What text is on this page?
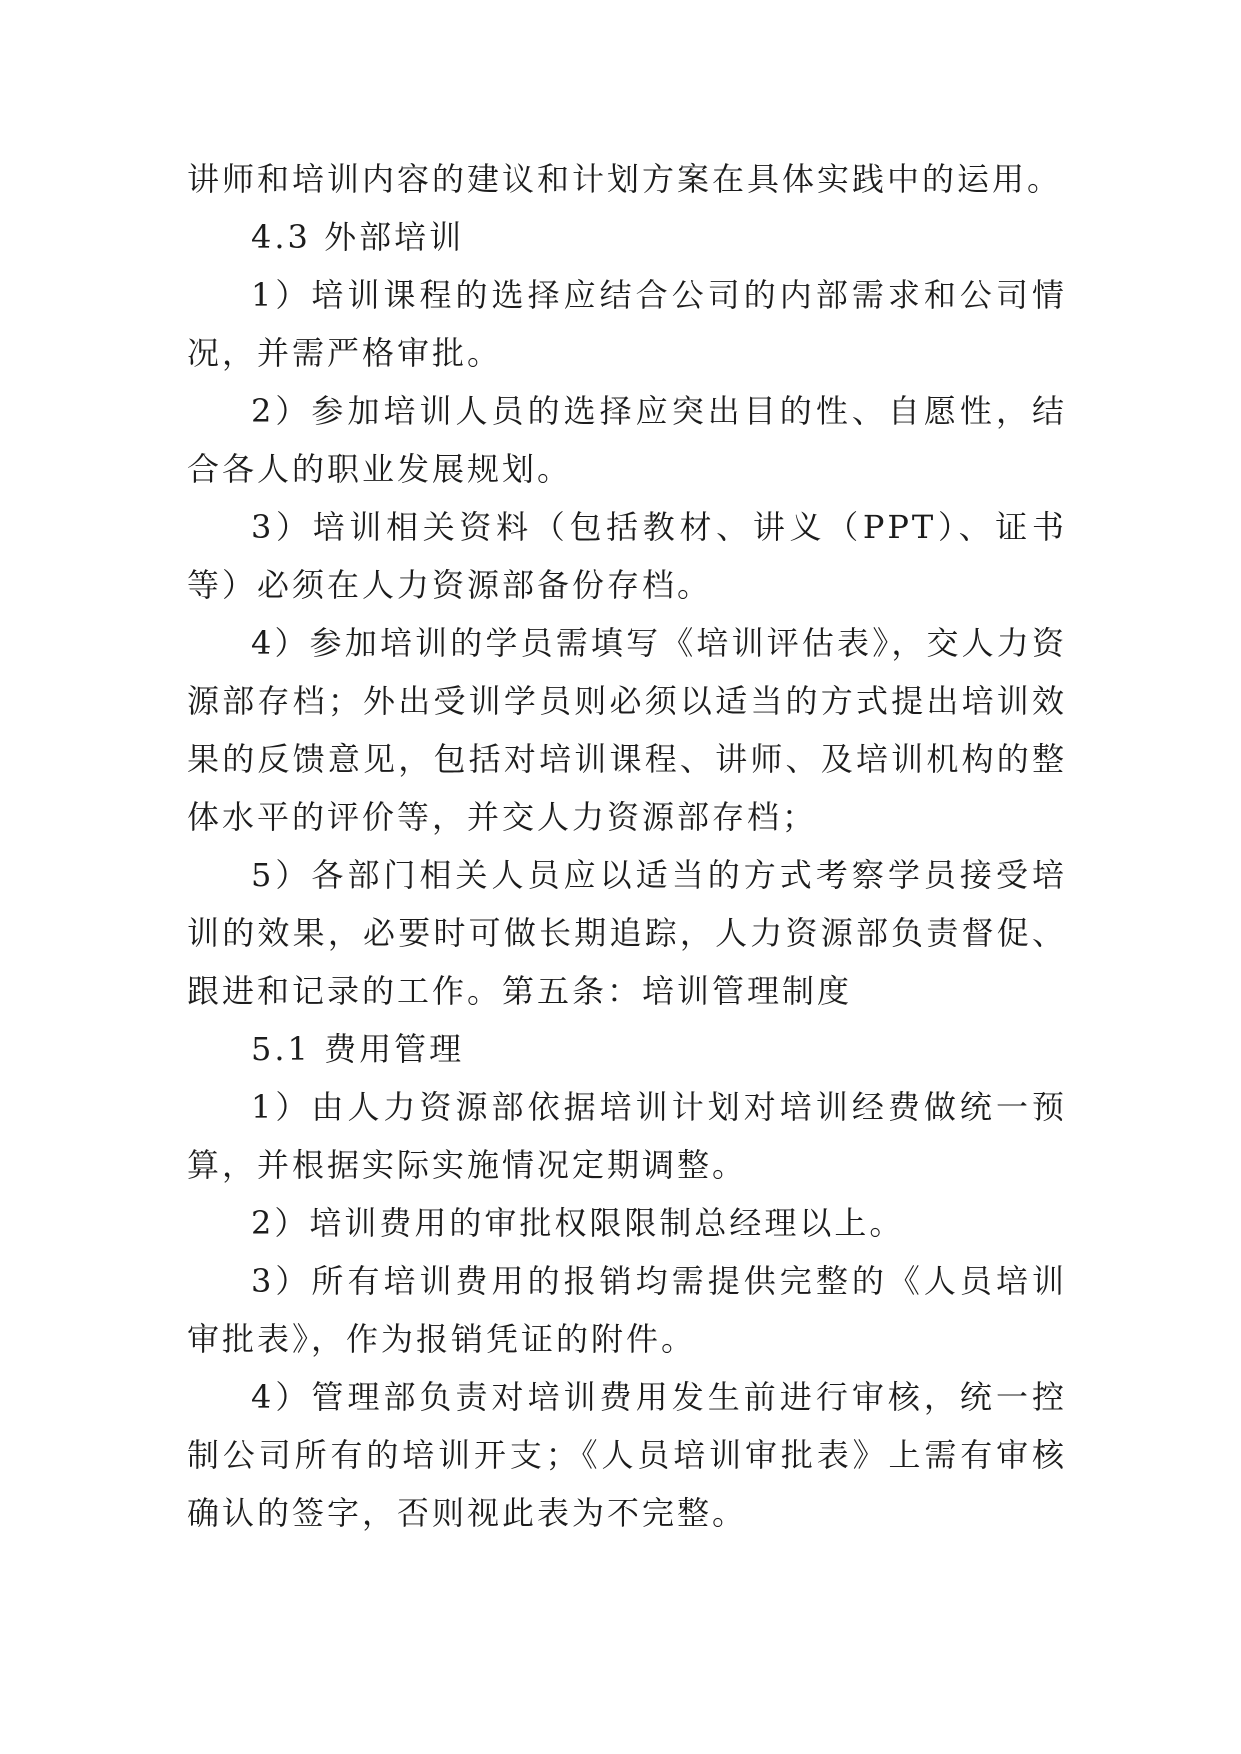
讲师和培训内容的建议和计划方案在具体实践中的运用。

4.3 外部培训

1）培训课程的选择应结合公司的内部需求和公司情况，并需严格审批。

2）参加培训人员的选择应突出目的性、自愿性，结合各人的职业发展规划。

3）培训相关资料（包括教材、讲义（PPT）、证书等）必须在人力资源部备份存档。

4）参加培训的学员需填写《培训评估表》，交人力资源部存档；外出受训学员则必须以适当的方式提出培训效果的反馈意见，包括对培训课程、讲师、及培训机构的整体水平的评价等，并交人力资源部存档；

5）各部门相关人员应以适当的方式考察学员接受培训的效果，必要时可做长期追踪，人力资源部负责督促、跟进和记录的工作。第五条：培训管理制度

5.1 费用管理

1）由人力资源部依据培训计划对培训经费做统一预算，并根据实际实施情况定期调整。

2）培训费用的审批权限限制总经理以上。

3）所有培训费用的报销均需提供完整的《人员培训审批表》，作为报销凭证的附件。

4）管理部负责对培训费用发生前进行审核，统一控制公司所有的培训开支；《人员培训审批表》上需有审核确认的签字，否则视此表为不完整。
